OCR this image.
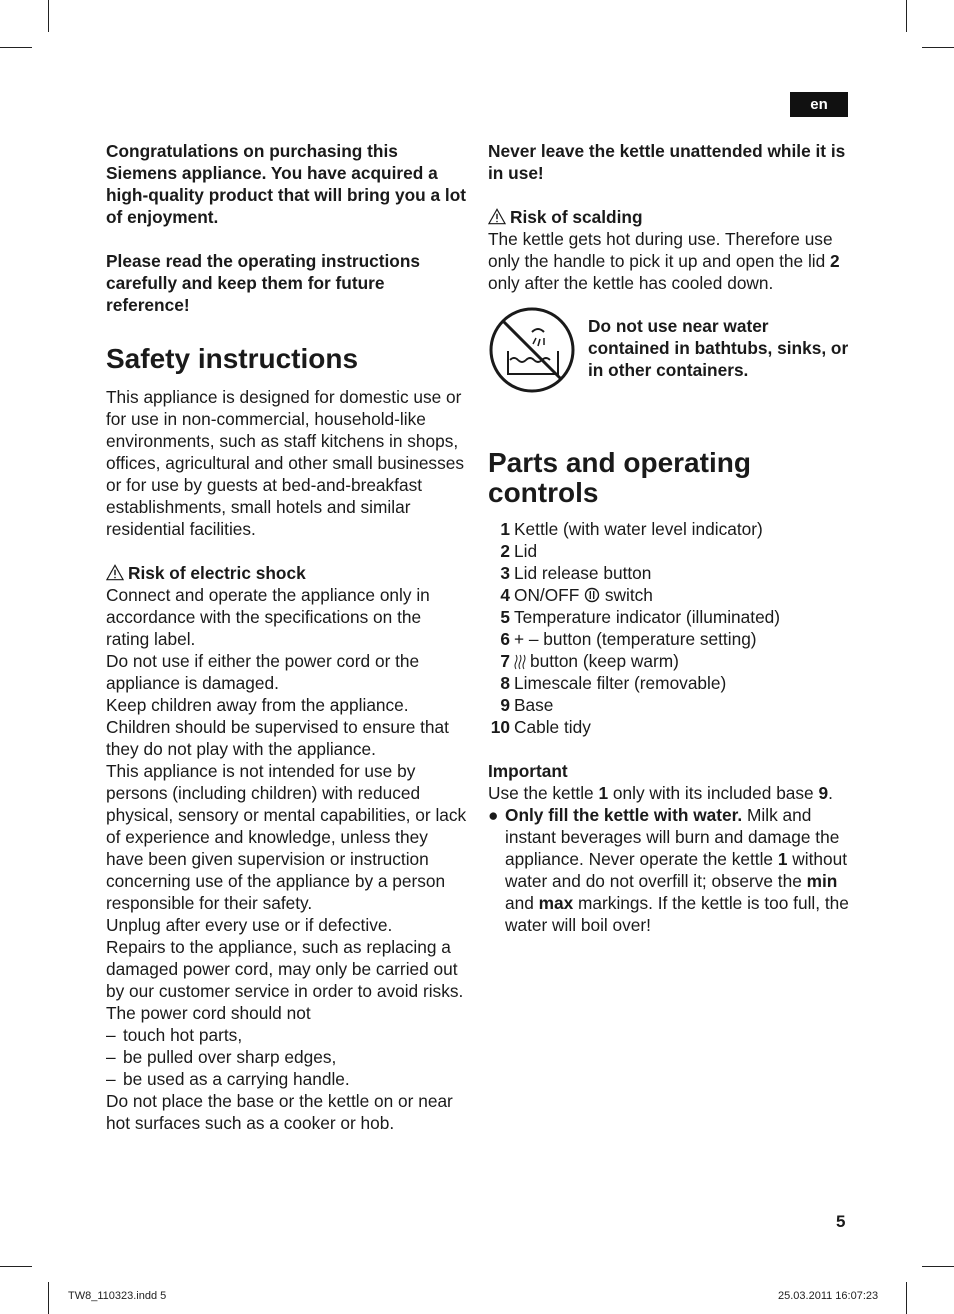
en

Congratulations on purchasing this Siemens appliance. You have acquired a high-quality product that will bring you a lot of enjoyment.

Please read the operating instructions carefully and keep them for future reference!

Safety instructions

This appliance is designed for domestic use or for use in non-commercial, household-like environments, such as staff kitchens in shops, offices, agricultural and other small businesses or for use by guests at bed-and-breakfast establishments, small hotels and similar residential facilities.

Risk of electric shock

Connect and operate the appliance only in accordance with the specifications on the rating label.

Do not use if either the power cord or the appliance is damaged.

Keep children away from the appliance.

Children should be supervised to ensure that they do not play with the appliance.

This appliance is not intended for use by persons (including children) with reduced physical, sensory or mental capabilities, or lack of experience and knowledge, unless they have been given supervision or instruction concerning use of the appliance by a person responsible for their safety.

Unplug after every use or if defective.

Repairs to the appliance, such as replacing a damaged power cord, may only be carried out by our customer service in order to avoid risks.

The power cord should not

– touch hot parts,
– be pulled over sharp edges,
– be used as a carrying handle.

Do not place the base or the kettle on or near hot surfaces such as a cooker or hob.

Never leave the kettle unattended while it is in use!

Risk of scalding

The kettle gets hot during use. Therefore use only the handle to pick it up and open the lid 2 only after the kettle has cooled down.

Do not use near water contained in bathtubs, sinks, or in other containers.
Parts and operating controls
1 Kettle (with water level indicator)
2 Lid
3 Lid release button
4 ON/OFF

switch
5 Temperature indicator (illuminated)
6 + – button (temperature setting)
7 button (keep warm)
8 Limescale filter (removable)
9 Base
10 Cable tidy

Important

Use the kettle 1 only with its included base 9.

● Only fill the kettle with water. Milk and instant beverages will burn and damage the appliance. Never operate the kettle 1 without water and do not overfill it; observe the min and max markings. If the kettle is too full, the water will boil over!
5
TW8_110323.indd 5	25.03.2011 16:07:23
